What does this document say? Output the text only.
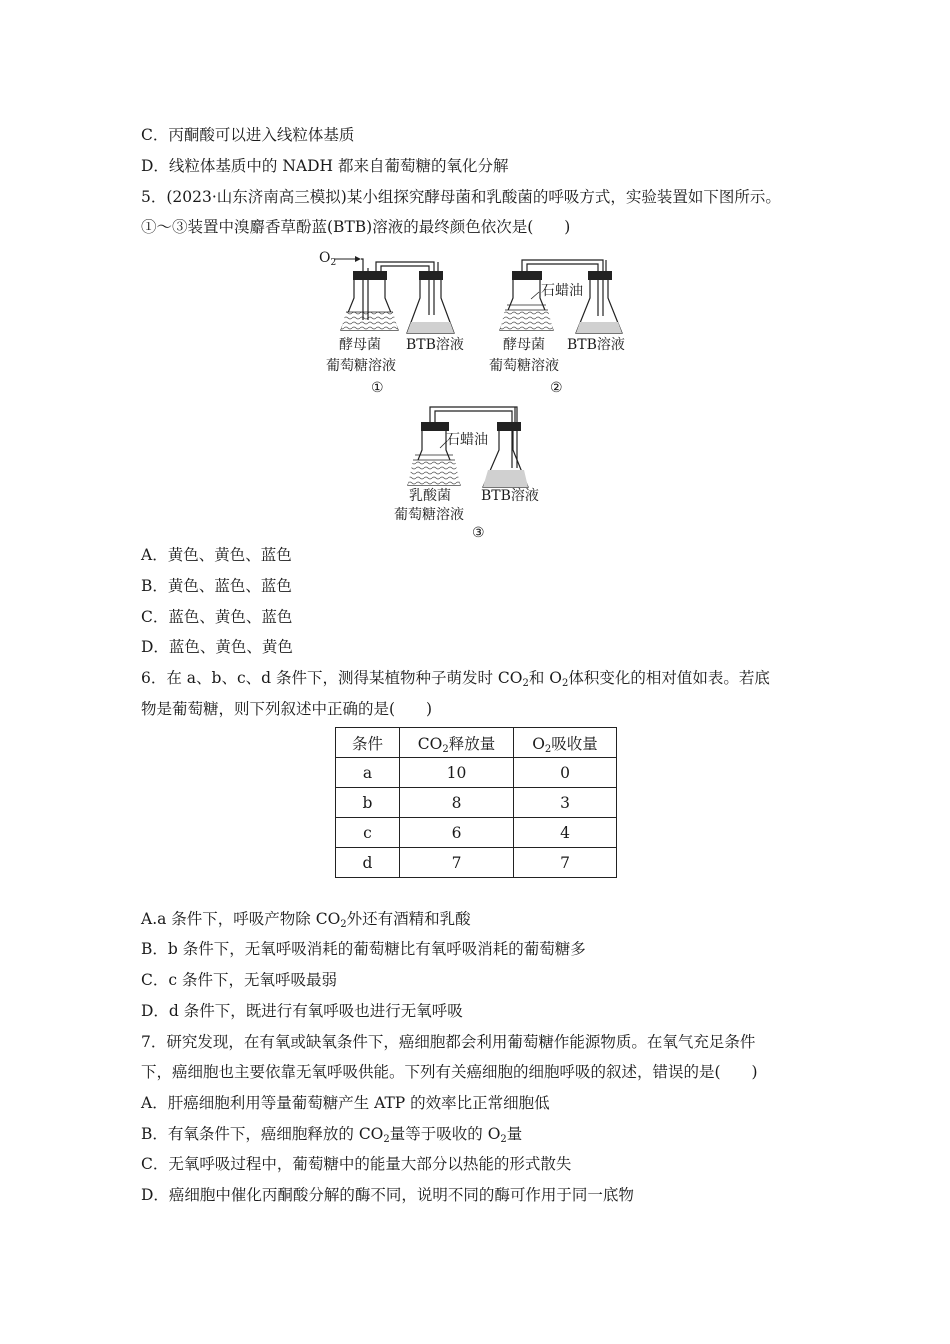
C．丙酮酸可以进入线粒体基质
D．线粒体基质中的 NADH 都来自葡萄糖的氧化分解
5．(2023·山东济南高三模拟)某小组探究酵母菌和乳酸菌的呼吸方式，实验装置如下图所示。
①～③装置中溴麝香草酚蓝(BTB)溶液的最终颜色依次是(　　)
$O_2$
酵母菌
葡萄糖溶液
BTB溶液
①
石蜡油
酵母菌
葡萄糖溶液
BTB溶液
②
石蜡油
乳酸菌
葡萄糖溶液
BTB溶液
③
A．黄色、黄色、蓝色
B．黄色、蓝色、蓝色
C．蓝色、黄色、蓝色
D．蓝色、黄色、黄色
6．在 a、b、c、d 条件下，测得某植物种子萌发时 $CO_2$和 $O_2$体积变化的相对值如表。若底
物是葡萄糖，则下列叙述中正确的是(　　)
条件	$CO_2$释放量	$O_2$吸收量
a	10	0
b	8	3
c	6	4
d	7	7
A.a 条件下，呼吸产物除 $CO_2$外还有酒精和乳酸
B．b 条件下，无氧呼吸消耗的葡萄糖比有氧呼吸消耗的葡萄糖多
C．c 条件下，无氧呼吸最弱
D．d 条件下，既进行有氧呼吸也进行无氧呼吸
7．研究发现，在有氧或缺氧条件下，癌细胞都会利用葡萄糖作能源物质。在氧气充足条件
下，癌细胞也主要依靠无氧呼吸供能。下列有关癌细胞的细胞呼吸的叙述，错误的是(　　)
A．肝癌细胞利用等量葡萄糖产生 ATP 的效率比正常细胞低
B．有氧条件下，癌细胞释放的 $CO_2$量等于吸收的 $O_2$量
C．无氧呼吸过程中，葡萄糖中的能量大部分以热能的形式散失
D．癌细胞中催化丙酮酸分解的酶不同，说明不同的酶可作用于同一底物
